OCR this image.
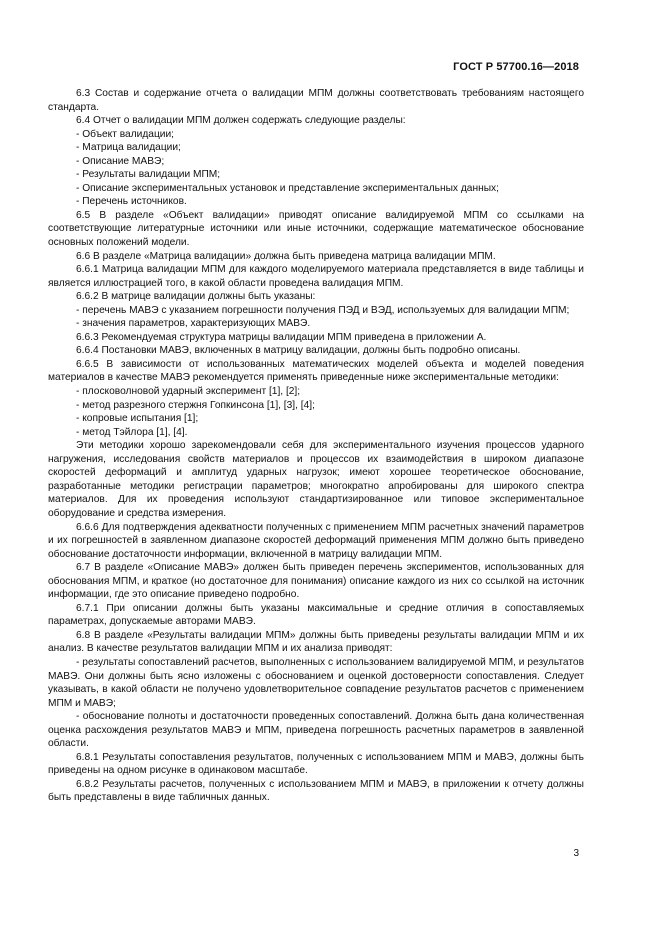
ГОСТ Р 57700.16—2018

6.3 Состав и содержание отчета о валидации МПМ должны соответствовать требованиям настоящего стандарта.

6.4 Отчет о валидации МПМ должен содержать следующие разделы:

- Объект валидации;

- Матрица валидации;

- Описание МАВЭ;

- Результаты валидации МПМ;

- Описание экспериментальных установок и представление экспериментальных данных;

- Перечень источников.

6.5 В разделе «Объект валидации» приводят описание валидируемой МПМ со ссылками на соответствующие литературные источники или иные источники, содержащие математическое обоснование основных положений модели.

6.6 В разделе «Матрица валидации» должна быть приведена матрица валидации МПМ.

6.6.1 Матрица валидации МПМ для каждого моделируемого материала представляется в виде таблицы и является иллюстрацией того, в какой области проведена валидация МПМ.

6.6.2 В матрице валидации должны быть указаны:

- перечень МАВЭ с указанием погрешности получения ПЭД и ВЭД, используемых для валидации МПМ;

- значения параметров, характеризующих МАВЭ.

6.6.3 Рекомендуемая структура матрицы валидации МПМ приведена в приложении А.

6.6.4 Постановки МАВЭ, включенных в матрицу валидации, должны быть подробно описаны.

6.6.5 В зависимости от использованных математических моделей объекта и моделей поведения материалов в качестве МАВЭ рекомендуется применять приведенные ниже экспериментальные методики:

- плосковолновой ударный эксперимент [1], [2];

- метод разрезного стержня Гопкинсона [1], [3], [4];

- копровые испытания [1];

- метод Тэйлора [1], [4].

Эти методики хорошо зарекомендовали себя для экспериментального изучения процессов ударного нагружения, исследования свойств материалов и процессов их взаимодействия в широком диапазоне скоростей деформаций и амплитуд ударных нагрузок; имеют хорошее теоретическое обоснование, разработанные методики регистрации параметров; многократно апробированы для широкого спектра материалов. Для их проведения используют стандартизированное или типовое экспериментальное оборудование и средства измерения.

6.6.6 Для подтверждения адекватности полученных с применением МПМ расчетных значений параметров и их погрешностей в заявленном диапазоне скоростей деформаций применения МПМ должно быть приведено обоснование достаточности информации, включенной в матрицу валидации МПМ.

6.7 В разделе «Описание МАВЭ» должен быть приведен перечень экспериментов, использованных для обоснования МПМ, и краткое (но достаточное для понимания) описание каждого из них со ссылкой на источник информации, где это описание приведено подробно.

6.7.1 При описании должны быть указаны максимальные и средние отличия в сопоставляемых параметрах, допускаемые авторами МАВЭ.

6.8 В разделе «Результаты валидации МПМ» должны быть приведены результаты валидации МПМ и их анализ. В качестве результатов валидации МПМ и их анализа приводят:

- результаты сопоставлений расчетов, выполненных с использованием валидируемой МПМ, и результатов МАВЭ. Они должны быть ясно изложены с обоснованием и оценкой достоверности сопоставления. Следует указывать, в какой области не получено удовлетворительное совпадение результатов расчетов с применением МПМ и МАВЭ;

- обоснование полноты и достаточности проведенных сопоставлений. Должна быть дана количественная оценка расхождения результатов МАВЭ и МПМ, приведена погрешность расчетных параметров в заявленной области.

6.8.1 Результаты сопоставления результатов, полученных с использованием МПМ и МАВЭ, должны быть приведены на одном рисунке в одинаковом масштабе.

6.8.2 Результаты расчетов, полученных с использованием МПМ и МАВЭ, в приложении к отчету должны быть представлены в виде табличных данных.

3
